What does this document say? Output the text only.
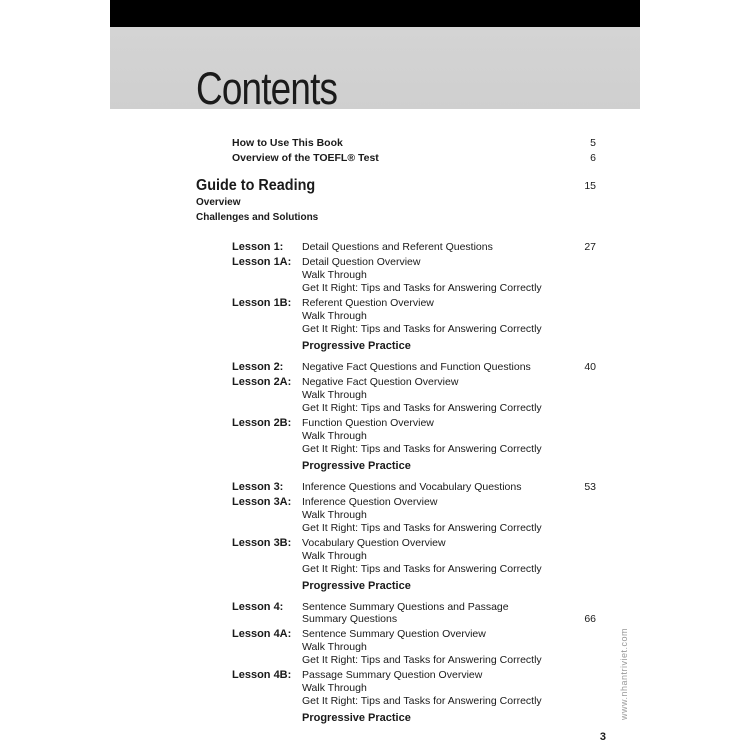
Contents
How to Use This Book	5
Overview of the TOEFL® Test	6
Guide to Reading	15
Overview
Challenges and Solutions
Lesson 1: Detail Questions and Referent Questions	27
Lesson 1A: Detail Question Overview
Walk Through
Get It Right: Tips and Tasks for Answering Correctly
Lesson 1B: Referent Question Overview
Walk Through
Get It Right: Tips and Tasks for Answering Correctly
Progressive Practice
Lesson 2: Negative Fact Questions and Function Questions	40
Lesson 2A: Negative Fact Question Overview
Walk Through
Get It Right: Tips and Tasks for Answering Correctly
Lesson 2B: Function Question Overview
Walk Through
Get It Right: Tips and Tasks for Answering Correctly
Progressive Practice
Lesson 3: Inference Questions and Vocabulary Questions	53
Lesson 3A: Inference Question Overview
Walk Through
Get It Right: Tips and Tasks for Answering Correctly
Lesson 3B: Vocabulary Question Overview
Walk Through
Get It Right: Tips and Tasks for Answering Correctly
Progressive Practice
Lesson 4: Sentence Summary Questions and Passage
Summary Questions	66
Lesson 4A: Sentence Summary Question Overview
Walk Through
Get It Right: Tips and Tasks for Answering Correctly
Lesson 4B: Passage Summary Question Overview
Walk Through
Get It Right: Tips and Tasks for Answering Correctly
Progressive Practice
3
www.nhantriviet.com
